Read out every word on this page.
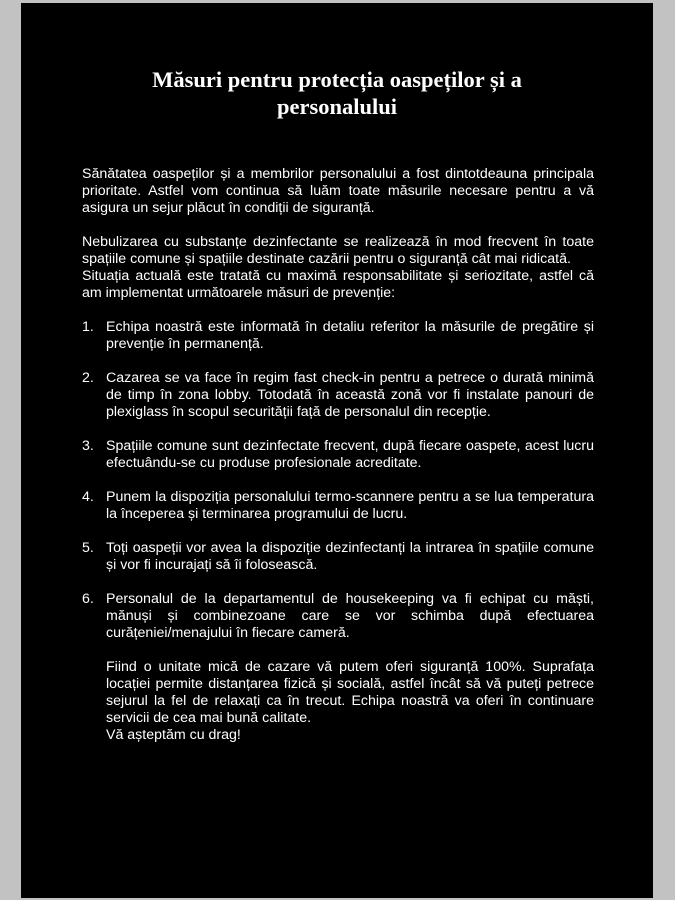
Măsuri pentru protecția oaspeților și a
personalului

Sănătatea oaspeților și a membrilor personalului a fost dintotdeauna principala prioritate. Astfel vom continua să luăm toate măsurile necesare pentru a vă asigura un sejur plăcut în condiții de siguranță.

Nebulizarea cu substanțe dezinfectante se realizează în mod frecvent în toate spațiile comune și spațiile destinate cazării pentru o siguranță cât mai ridicată.

Situația actuală este tratată cu maximă responsabilitate și seriozitate, astfel că am implementat următoarele măsuri de prevenție:

1. Echipa noastră este informată în detaliu referitor la măsurile de pregătire și prevenție în permanență.
2. Cazarea se va face în regim fast check-in pentru a petrece o durată minimă de timp în zona lobby. Totodată în această zonă vor fi instalate panouri de plexiglass în scopul securității față de personalul din recepție.
3. Spațiile comune sunt dezinfectate frecvent, după fiecare oaspete, acest lucru efectuându-se cu produse profesionale acreditate.
4. Punem la dispoziția personalului termo-scannere pentru a se lua temperatura la începerea și terminarea programului de lucru.
5. Toți oaspeții vor avea la dispoziție dezinfectanți la intrarea în spațiile comune și vor fi incurajați să îi folosească.
6. Personalul de la departamentul de housekeeping va fi echipat cu măști, mănuși și combinezoane care se vor schimba după efectuarea curățeniei/menajului în fiecare cameră.
Fiind o unitate mică de cazare vă putem oferi siguranță 100%. Suprafața locației permite distanțarea fizică și socială, astfel încât să vă puteți petrece sejurul la fel de relaxați ca în trecut. Echipa noastră va oferi în continuare servicii de cea mai bună calitate.
Vă așteptăm cu drag!
